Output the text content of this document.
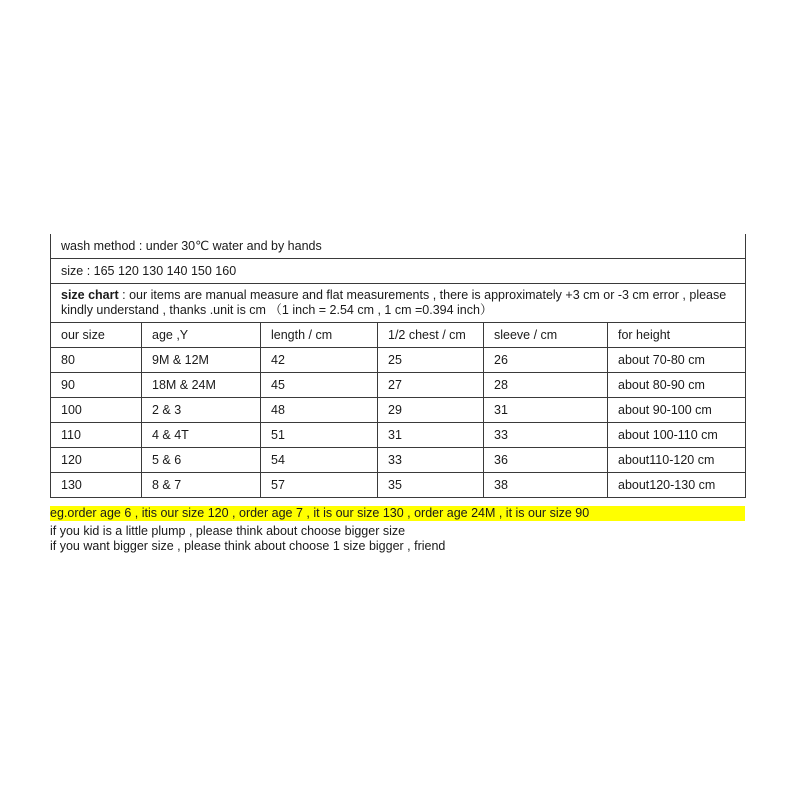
wash method : under 30℃ water and by hands					
size : 165 120 130 140 150 160					
size chart : our items are manual measure and flat measurements , there is approximately +3 cm or -3 cm error , please kindly understand , thanks .unit is cm （1 inch = 2.54 cm , 1 cm =0.394 inch）					
our size	age ,Y	length / cm	1/2 chest / cm	sleeve / cm	for height
80	9M & 12M	42	25	26	about 70-80 cm
90	18M & 24M	45	27	28	about 80-90 cm
100	2 & 3	48	29	31	about 90-100 cm
110	4 & 4T	51	31	33	about 100-110 cm
120	5 & 6	54	33	36	about110-120 cm
130	8 & 7	57	35	38	about120-130 cm
eg.order age 6 , itis our size 120 , order age 7 , it is our size 130 , order age 24M , it is our size 90
if you kid is a little plump , please think about choose bigger size
if you want bigger size , please think about choose 1 size bigger , friend
